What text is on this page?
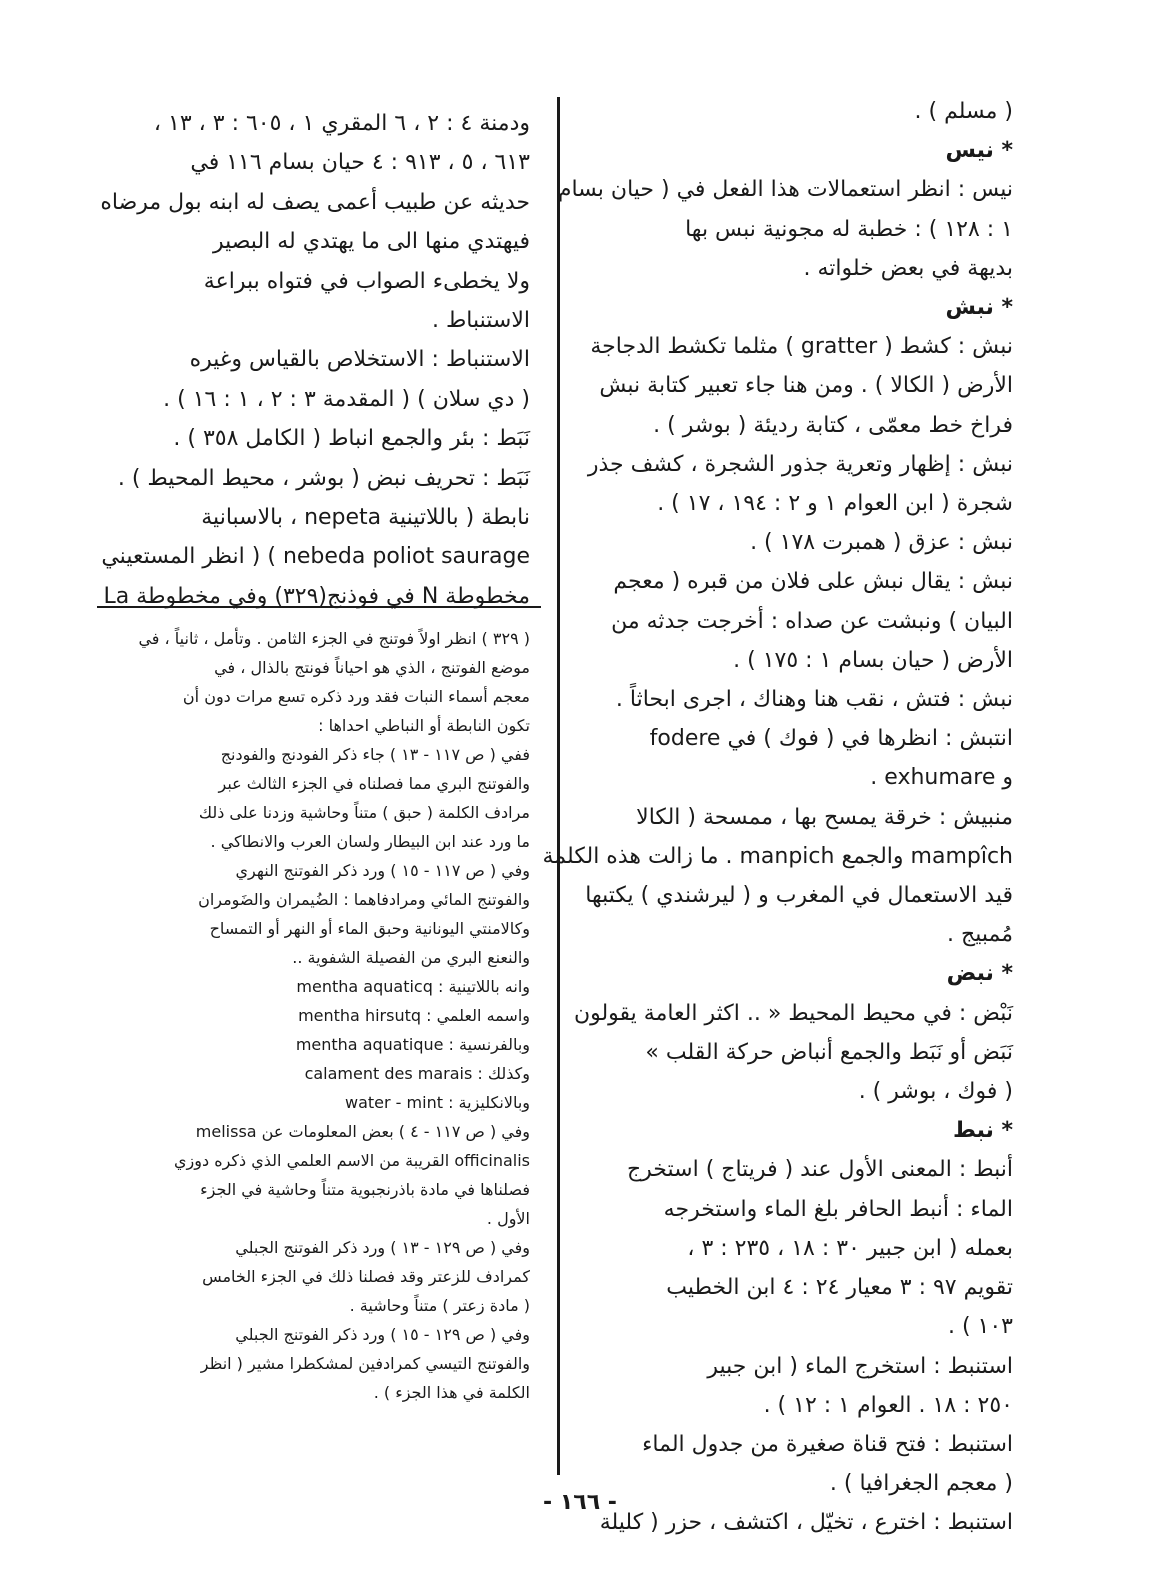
( مسلم ) .
* نيس
نيس : انظر استعمالات هذا الفعل في ( حيان بسام
١ : ١٢٨ ) : خطبة له مجونية نبس بها
بديهة في بعض خلواته .
* نبش
نبش : كشط ( gratter ) مثلما تكشط الدجاجة
الأرض ( الكالا ) . ومن هنا جاء تعبير كتابة نبش
فراخ خط معمّى ، كتابة رديئة ( بوشر ) .
نبش : إظهار وتعرية جذور الشجرة ، كشف جذر
شجرة ( ابن العوام ١ و ٢ : ١٩٤ ، ١٧ ) .
نبش : عزق ( همبرت ١٧٨ ) .
نبش : يقال نبش على فلان من قبره ( معجم
البيان ) ونبشت عن صداه : أخرجت جدثه من
الأرض ( حيان بسام ١ : ١٧٥ ) .
نبش : فتش ، نقب هنا وهناك ، اجرى ابحاثاً .
انتبش : انظرها في ( فوك ) في fodere
و exhumare .
منبيش : خرقة يمسح بها ، ممسحة ( الكالا
mampîch والجمع manpich . ما زالت هذه الكلمة
قيد الاستعمال في المغرب و ( ليرشندي ) يكتبها
مُمبيج .
* نبض
نَبْض : في محيط المحيط « .. اكثر العامة يقولون
نَبَض أو نَبَط والجمع أنباض حركة القلب »
( فوك ، بوشر ) .
* نبط
أنبط : المعنى الأول عند ( فريتاج ) استخرج
الماء : أنبط الحافر بلغ الماء واستخرجه
بعمله ( ابن جبير ٣٠ : ١٨ ، ٢٣٥ : ٣ ،
تقويم ٩٧ : ٣ معيار ٢٤ : ٤ ابن الخطيب
١٠٣ ) .
استنبط : استخرج الماء ( ابن جبير
٢٥٠ : ١٨ . العوام ١ : ١٢ ) .
استنبط : فتح قناة صغيرة من جدول الماء
( معجم الجغرافيا ) .
استنبط : اخترع ، تخيّل ، اكتشف ، حزر ( كليلة
ودمنة ٤ : ٢ ، ٦ المقري ١ ، ٦٠٥ : ٣ ، ١٣ ،
٦١٣ ، ٥ ، ٩١٣ : ٤ حيان بسام ١١٦ في
حديثه عن طبيب أعمى يصف له ابنه بول مرضاه
فيهتدي منها الى ما يهتدي له البصير
ولا يخطىء الصواب في فتواه ببراعة
الاستنباط .
الاستنباط : الاستخلاص بالقياس وغيره
( دي سلان ) ( المقدمة ٣ : ٢ ، ١ : ١٦ ) .
نَبَط : بئر والجمع انباط ( الكامل ٣٥٨ ) .
نَبَط : تحريف نبض ( بوشر ، محيط المحيط ) .
نابطة ( باللاتينية nepeta ، بالاسبانية
nebeda poliot saurage ) ( انظر المستعيني
مخطوطة N في فوذنج(٣٢٩) وفي مخطوطة La
( ٣٢٩ ) انظر اولاً فوتنج في الجزء الثامن . وتأمل ، ثانياً ، في
موضع الفوتنج ، الذي هو احياناً فونتج بالذال ، في
معجم أسماء النبات فقد ورد ذكره تسع مرات دون أن
تكون النابطة أو النباطي احداها :
ففي ( ص ١١٧ - ١٣ ) جاء ذكر الفودنج والفودنج
والفوتنج البري مما فصلناه في الجزء الثالث عبر
مرادف الكلمة ( حبق ) متناً وحاشية وزدنا على ذلك
ما ورد عند ابن البيطار ولسان العرب والانطاكي .
وفي ( ص ١١٧ - ١٥ ) ورد ذكر الفوتنج النهري
والفوتنج المائي ومرادفاهما : الضُيمران والضَومران
وكالامنتي اليونانية وحبق الماء أو النهر أو التمساح
والنعنع البري من الفصيلة الشفوية ..
وانه باللاتينية : mentha aquaticq
واسمه العلمي : mentha hirsutq
وبالفرنسية : mentha aquatique
وكذلك : calament des marais
وبالانكليزية : water - mint
وفي ( ص ١١٧ - ٤ ) بعض المعلومات عن melissa
officinalis القريبة من الاسم العلمي الذي ذكره دوزي
فصلناها في مادة باذرنجبوية متناً وحاشية في الجزء
الأول .
وفي ( ص ١٢٩ - ١٣ ) ورد ذكر الفوتنج الجبلي
كمرادف للزعتر وقد فصلنا ذلك في الجزء الخامس
( مادة زعتر ) متناً وحاشية .
وفي ( ص ١٢٩ - ١٥ ) ورد ذكر الفوتنج الجبلي
والفوتنج التيسي كمرادفين لمشكطرا مشير ( انظر
الكلمة في هذا الجزء ) .
- ١٦٦ -
